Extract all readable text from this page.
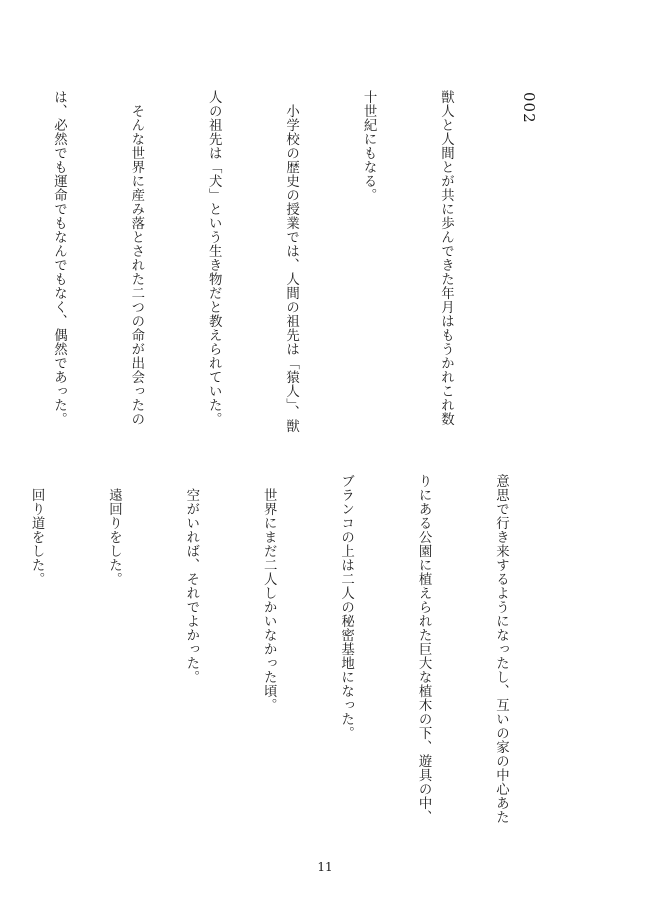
002

獣人と人間とが共に歩んできた年月はもうかれこれ数

十世紀にもなる。

　小学校の歴史の授業では、人間の祖先は「猿人」、獣

人の祖先は「犬」という生き物だと教えられていた。

　そんな世界に産み落とされた二つの命が出会ったの

は、必然でも運命でもなんでもなく、偶然であった。

意思で行き来するようになったし、互いの家の中心あた

りにある公園に植えられた巨大な植木の下、遊具の中、

ブランコの上は二人の秘密基地になった。

　世界にまだ二人しかいなかった頃。

　空がいれば、それでよかった。

　遠回りをした。

　回り道をした。

11
